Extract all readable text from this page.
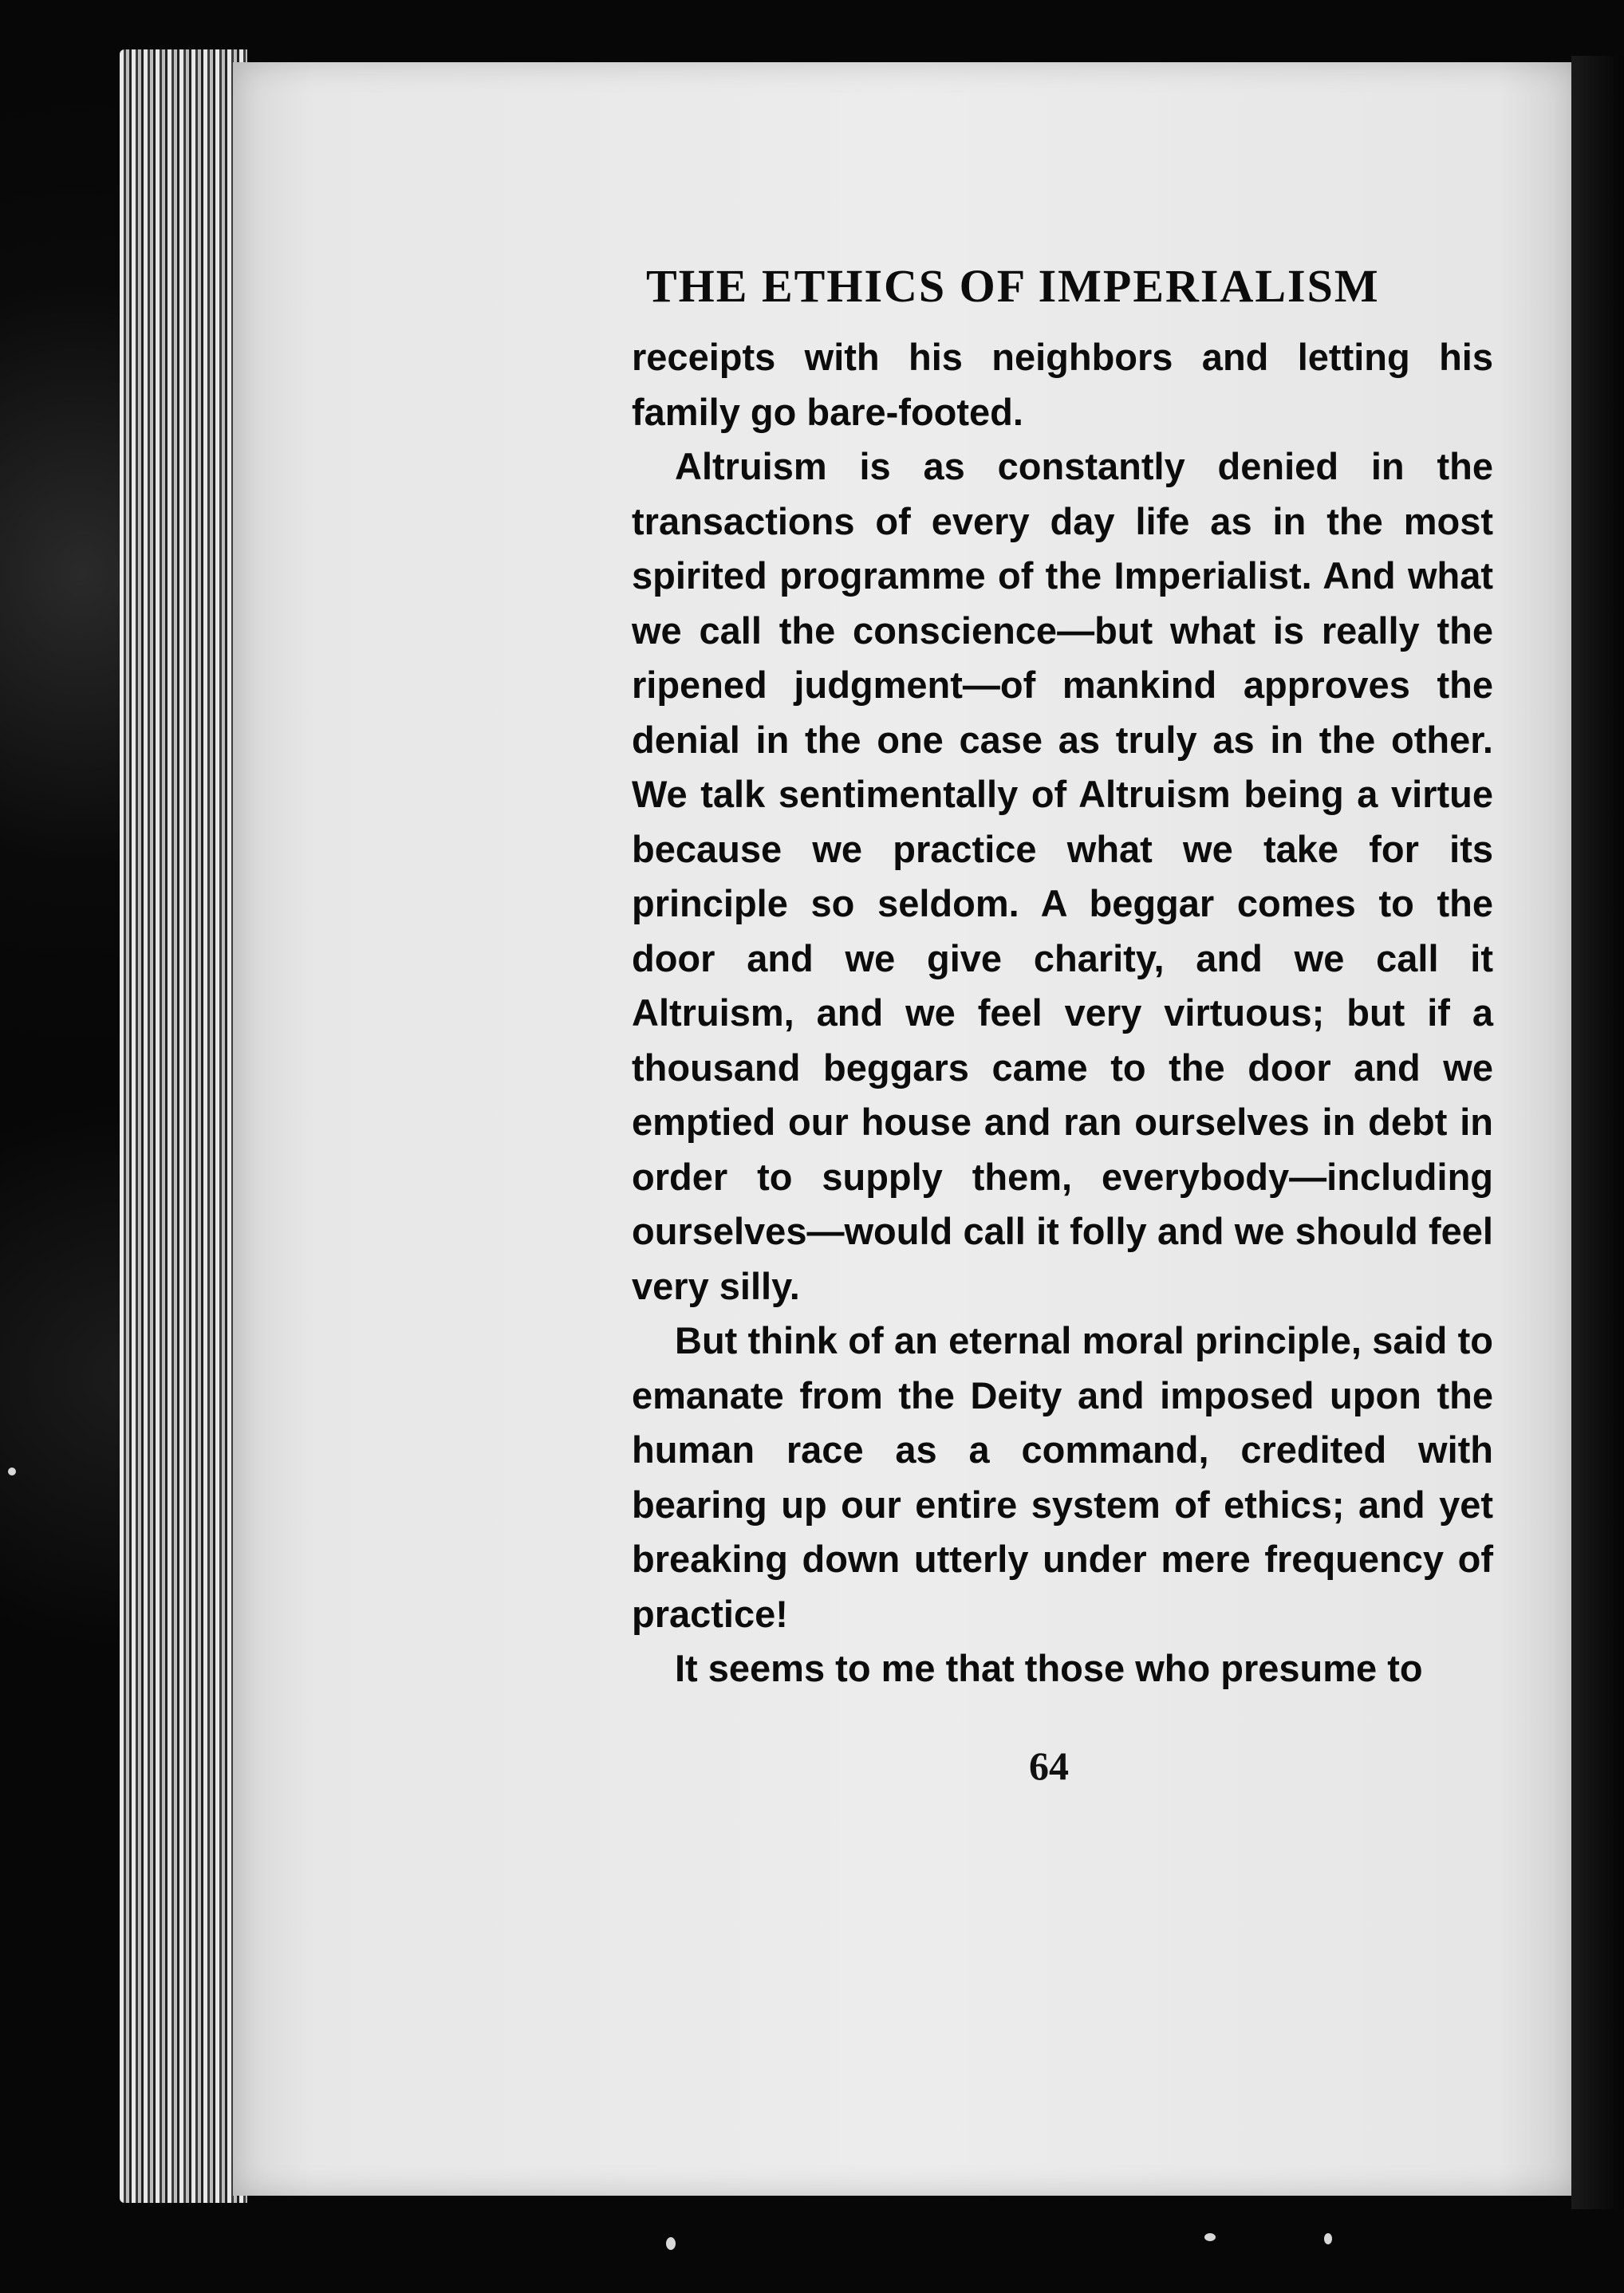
THE ETHICS OF IMPERIALISM

receipts with his neighbors and letting his family go bare-footed.

Altruism is as constantly denied in the transactions of every day life as in the most spirited programme of the Imperialist. And what we call the conscience—but what is really the ripened judgment—of mankind approves the denial in the one case as truly as in the other. We talk sentimentally of Altruism being a virtue because we practice what we take for its principle so seldom. A beggar comes to the door and we give charity, and we call it Altruism, and we feel very virtuous; but if a thousand beggars came to the door and we emptied our house and ran ourselves in debt in order to supply them, everybody—including ourselves—would call it folly and we should feel very silly.

But think of an eternal moral principle, said to emanate from the Deity and imposed upon the human race as a command, credited with bearing up our entire system of ethics; and yet breaking down utterly under mere frequency of practice!

It seems to me that those who presume to

64
